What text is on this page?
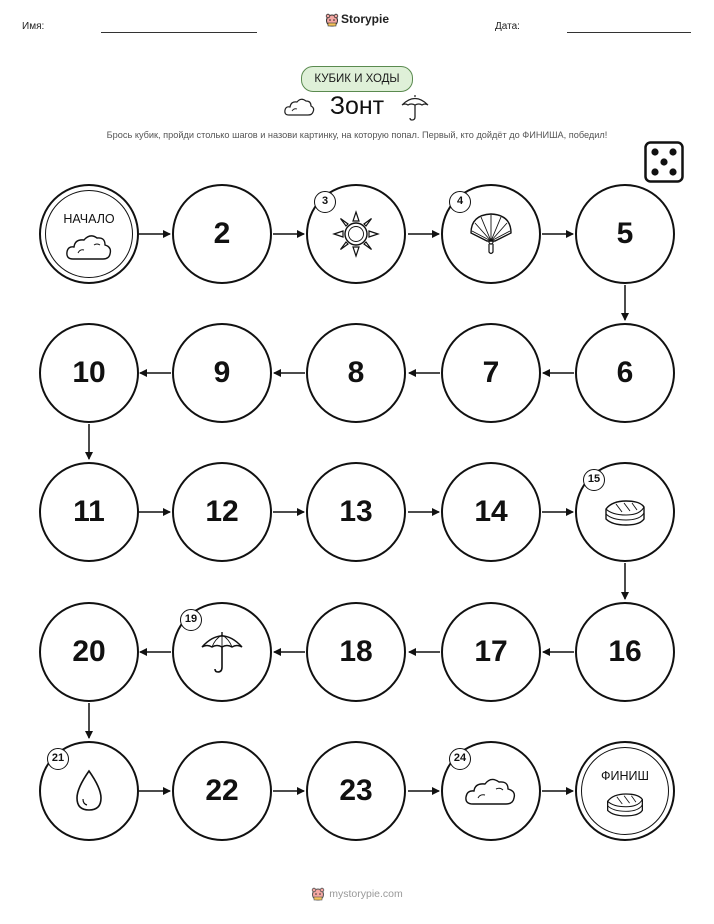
Имя:
Storypie
Дата:
КУБИК И ХОДЫ
Зонт
Брось кубик, пройди столько шагов и назови картинку, на которую попал. Первый, кто дойдёт до ФИНИША, победил!
НАЧАЛО	2
3	4
5
6
7
8
9
10
11	12	13	14
15
16
17
18
19
20
21
22	23
24
ФИНИШ
mystorypie.com
